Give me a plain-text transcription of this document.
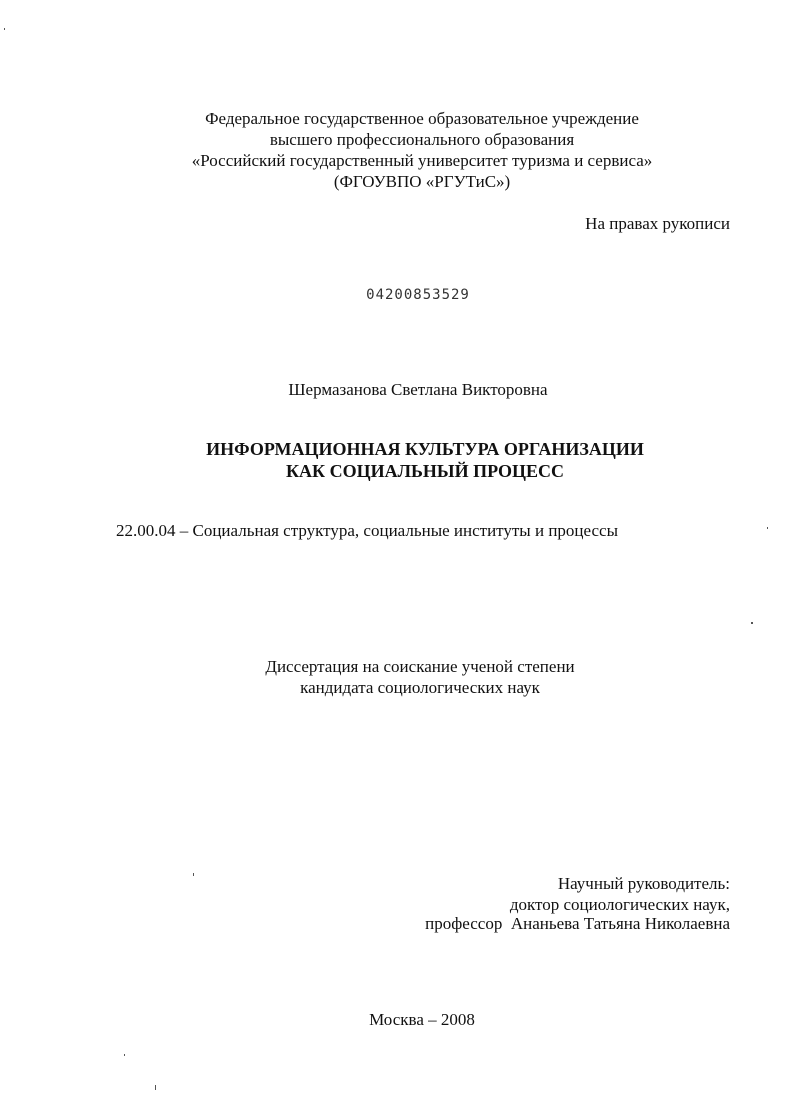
Федеральное государственное образовательное учреждение
высшего профессионального образования
«Российский государственный университет туризма и сервиса»
(ФГОУВПО «РГУТиС»)
На правах рукописи
04200853529
Шермазанова Светлана Викторовна
ИНФОРМАЦИОННАЯ КУЛЬТУРА ОРГАНИЗАЦИИ
КАК СОЦИАЛЬНЫЙ ПРОЦЕСС
22.00.04 – Социальная структура, социальные институты и процессы
Диссертация на соискание ученой степени
кандидата социологических наук
Научный руководитель:
доктор социологических наук,
профессор  Ананьева Татьяна Николаевна
Москва – 2008
